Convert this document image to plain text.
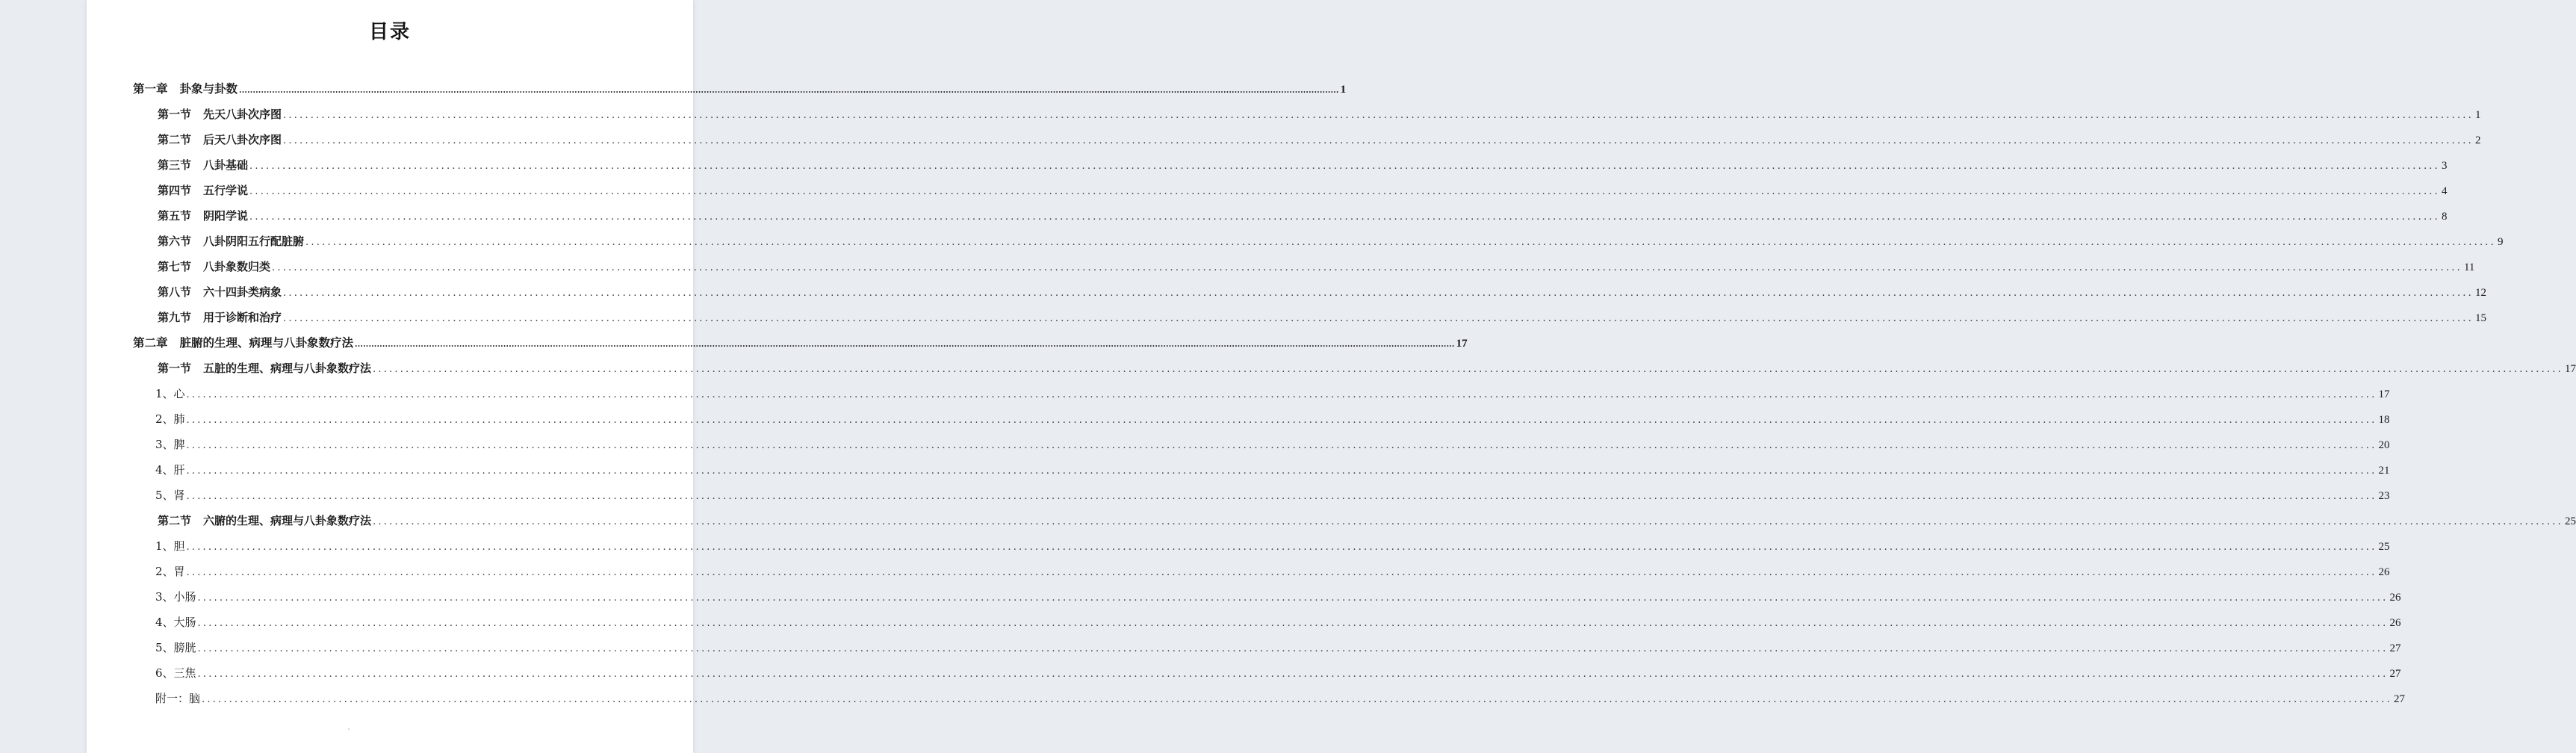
目录
第一章 卦象与卦数 ................................................................................................................................................................................................................................................................................................................................................................................................................ 1
第一节 先天八卦次序图 ................................................................................................................................................................................................................................................................................................................................................................................................................ 1
第二节 后天八卦次序图 ................................................................................................................................................................................................................................................................................................................................................................................................................ 2
第三节 八卦基础 ................................................................................................................................................................................................................................................................................................................................................................................................................ 3
第四节 五行学说 ................................................................................................................................................................................................................................................................................................................................................................................................................ 4
第五节 阴阳学说 ................................................................................................................................................................................................................................................................................................................................................................................................................ 8
第六节 八卦阴阳五行配脏腑 ................................................................................................................................................................................................................................................................................................................................................................................................................ 9
第七节 八卦象数归类 ................................................................................................................................................................................................................................................................................................................................................................................................................ 11
第八节 六十四卦类病象 ................................................................................................................................................................................................................................................................................................................................................................................................................ 12
第九节 用于诊断和治疗 ................................................................................................................................................................................................................................................................................................................................................................................................................ 15
第二章 脏腑的生理、病理与八卦象数疗法 ................................................................................................................................................................................................................................................................................................................................................................................................................ 17
第一节 五脏的生理、病理与八卦象数疗法 ................................................................................................................................................................................................................................................................................................................................................................................................................ 17
1、心 ................................................................................................................................................................................................................................................................................................................................................................................................................ 17
2、肺 ................................................................................................................................................................................................................................................................................................................................................................................................................ 18
3、脾 ................................................................................................................................................................................................................................................................................................................................................................................................................ 20
4、肝 ................................................................................................................................................................................................................................................................................................................................................................................................................ 21
5、肾 ................................................................................................................................................................................................................................................................................................................................................................................................................ 23
第二节 六腑的生理、病理与八卦象数疗法 ................................................................................................................................................................................................................................................................................................................................................................................................................ 25
1、胆 ................................................................................................................................................................................................................................................................................................................................................................................................................ 25
2、胃 ................................................................................................................................................................................................................................................................................................................................................................................................................ 26
3、小肠 ................................................................................................................................................................................................................................................................................................................................................................................................................ 26
4、大肠 ................................................................................................................................................................................................................................................................................................................................................................................................................ 26
5、膀胱 ................................................................................................................................................................................................................................................................................................................................................................................................................ 27
6、三焦 ................................................................................................................................................................................................................................................................................................................................................................................................................ 27
附一：脑 ................................................................................................................................................................................................................................................................................................................................................................................................................ 27
